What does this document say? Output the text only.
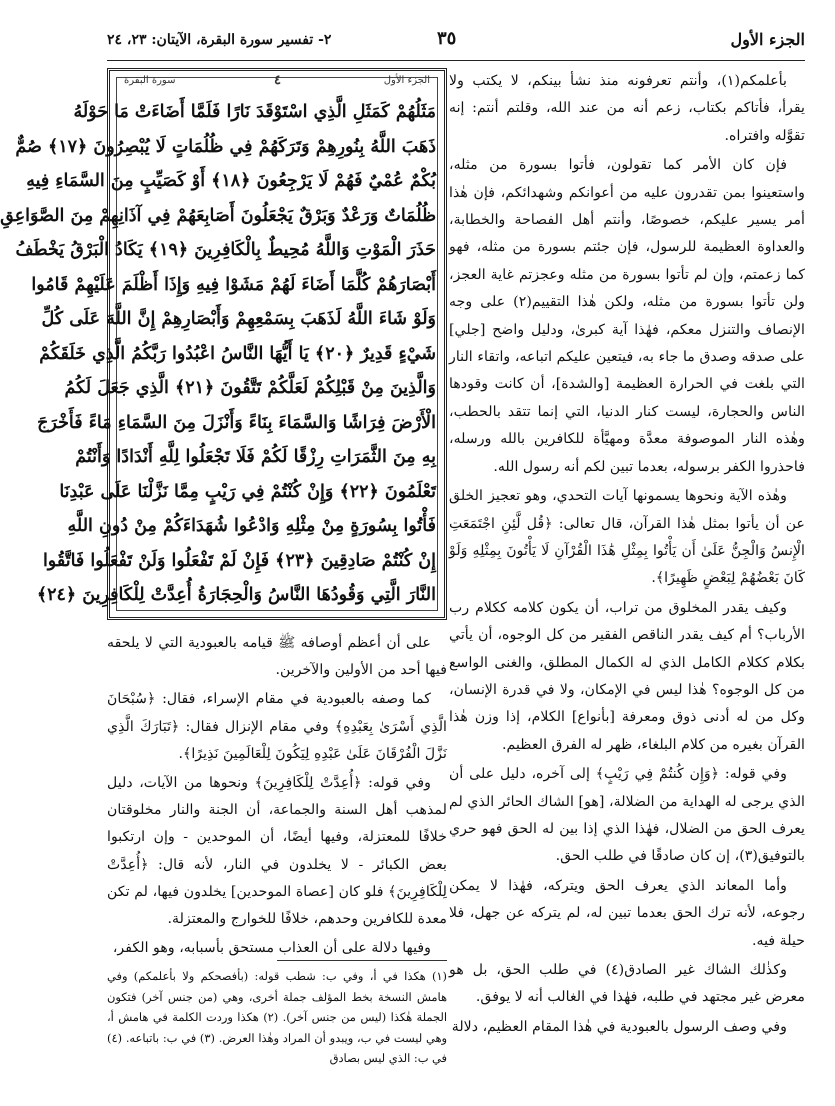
الجزء الأول
٣٥
٢- تفسير سورة البقرة، الآيتان: ٢٣، ٢٤

بأعلمكم(١)، وأنتم تعرفونه منذ نشأ بينكم، لا يكتب ولا يقرأ، فأتاكم بكتاب، زعم أنه من عند الله، وقلتم أنتم: إنه تقوَّله وافتراه.

فإن كان الأمر كما تقولون، فأتوا بسورة من مثله، واستعينوا بمن تقدرون عليه من أعوانكم وشهدائكم، فإن هٰذا أمر يسير عليكم، خصوصًا، وأنتم أهل الفصاحة والخطابة، والعداوة العظيمة للرسول، فإن جئتم بسورة من مثله، فهو كما زعمتم، وإن لم تأتوا بسورة من مثله وعجزتم غاية العجز، ولن تأتوا بسورة من مثله، ولكن هٰذا التقييم(٢) على وجه الإنصاف والتنزل معكم، فهٰذا آية كبرىٰ، ودليل واضح [جلي] على صدقه وصدق ما جاء به، فيتعين عليكم اتباعه، واتقاء النار التي بلغت في الحرارة العظيمة [والشدة]، أن كانت وقودها الناس والحجارة، ليست كنار الدنيا، التي إنما تتقد بالحطب، وهٰذه النار الموصوفة معدَّة ومهيَّأة للكافرين بالله ورسله، فاحذروا الكفر برسوله، بعدما تبين لكم أنه رسول الله.

وهٰذه الآية ونحوها يسمونها آيات التحدي، وهو تعجيز الخلق عن أن يأتوا بمثل هٰذا القرآن، قال تعالى: ﴿قُل لَّئِنِ اجْتَمَعَتِ الْإِنسُ وَالْجِنُّ عَلَىٰ أَن يَأْتُوا بِمِثْلِ هَٰذَا الْقُرْآنِ لَا يَأْتُونَ بِمِثْلِهِ وَلَوْ كَانَ بَعْضُهُمْ لِبَعْضٍ ظَهِيرًا﴾.

وكيف يقدر المخلوق من تراب، أن يكون كلامه ككلام رب الأرباب؟ أم كيف يقدر الناقص الفقير من كل الوجوه، أن يأتي بكلام ككلام الكامل الذي له الكمال المطلق، والغنى الواسع من كل الوجوه؟ هٰذا ليس في الإمكان، ولا في قدرة الإنسان، وكل من له أدنى ذوق ومعرفة [بأنواع] الكلام، إذا وزن هٰذا القرآن بغيره من كلام البلغاء، ظهر له الفرق العظيم.

وفي قوله: ﴿وَإِن كُنتُمْ فِي رَيْبٍ﴾ إلى آخره، دليل على أن الذي يرجى له الهداية من الضلالة، [هو] الشاك الحائر الذي لم يعرف الحق من الضلال، فهٰذا الذي إذا بين له الحق فهو حري بالتوفيق(٣)، إن كان صادقًا في طلب الحق.

وأما المعاند الذي يعرف الحق ويتركه، فهٰذا لا يمكن رجوعه، لأنه ترك الحق بعدما تبين له، لم يتركه عن جهل، فلا حيلة فيه.

وكذٰلك الشاك غير الصادق(٤) في طلب الحق، بل هو معرض غير مجتهد في طلبه، فهٰذا في الغالب أنه لا يوفق.

وفي وصف الرسول بالعبودية في هٰذا المقام العظيم، دلالة

الجزء الأول
٤
سورة البقرة
مَثَلُهُمْ كَمَثَلِ الَّذِي اسْتَوْقَدَ نَارًا فَلَمَّا أَضَاءَتْ مَا حَوْلَهُ
ذَهَبَ اللَّهُ بِنُورِهِمْ وَتَرَكَهُمْ فِي ظُلُمَاتٍ لَا يُبْصِرُونَ ﴿١٧﴾ صُمٌّ
بُكْمٌ عُمْيٌ فَهُمْ لَا يَرْجِعُونَ ﴿١٨﴾ أَوْ كَصَيِّبٍ مِنَ السَّمَاءِ فِيهِ
ظُلُمَاتٌ وَرَعْدٌ وَبَرْقٌ يَجْعَلُونَ أَصَابِعَهُمْ فِي آذَانِهِمْ مِنَ الصَّوَاعِقِ
حَذَرَ الْمَوْتِ وَاللَّهُ مُحِيطٌ بِالْكَافِرِينَ ﴿١٩﴾ يَكَادُ الْبَرْقُ يَخْطَفُ
أَبْصَارَهُمْ كُلَّمَا أَضَاءَ لَهُمْ مَشَوْا فِيهِ وَإِذَا أَظْلَمَ عَلَيْهِمْ قَامُوا
وَلَوْ شَاءَ اللَّهُ لَذَهَبَ بِسَمْعِهِمْ وَأَبْصَارِهِمْ إِنَّ اللَّهَ عَلَى كُلِّ
شَيْءٍ قَدِيرٌ ﴿٢٠﴾ يَا أَيُّهَا النَّاسُ اعْبُدُوا رَبَّكُمُ الَّذِي خَلَقَكُمْ
وَالَّذِينَ مِنْ قَبْلِكُمْ لَعَلَّكُمْ تَتَّقُونَ ﴿٢١﴾ الَّذِي جَعَلَ لَكُمُ
الْأَرْضَ فِرَاشًا وَالسَّمَاءَ بِنَاءً وَأَنْزَلَ مِنَ السَّمَاءِ مَاءً فَأَخْرَجَ
بِهِ مِنَ الثَّمَرَاتِ رِزْقًا لَكُمْ فَلَا تَجْعَلُوا لِلَّهِ أَنْدَادًا وَأَنْتُمْ
تَعْلَمُونَ ﴿٢٢﴾ وَإِنْ كُنْتُمْ فِي رَيْبٍ مِمَّا نَزَّلْنَا عَلَى عَبْدِنَا
فَأْتُوا بِسُورَةٍ مِنْ مِثْلِهِ وَادْعُوا شُهَدَاءَكُمْ مِنْ دُونِ اللَّهِ
إِنْ كُنْتُمْ صَادِقِينَ ﴿٢٣﴾ فَإِنْ لَمْ تَفْعَلُوا وَلَنْ تَفْعَلُوا فَاتَّقُوا
النَّارَ الَّتِي وَقُودُهَا النَّاسُ وَالْحِجَارَةُ أُعِدَّتْ لِلْكَافِرِينَ ﴿٢٤﴾

على أن أعظم أوصافه ﷺ قيامه بالعبودية التي لا يلحقه فيها أحد من الأولين والآخرين.

كما وصفه بالعبودية في مقام الإسراء، فقال: ﴿سُبْحَانَ الَّذِي أَسْرَىٰ بِعَبْدِهِ﴾ وفي مقام الإنزال فقال: ﴿تَبَارَكَ الَّذِي نَزَّلَ الْفُرْقَانَ عَلَىٰ عَبْدِهِ لِيَكُونَ لِلْعَالَمِينَ نَذِيرًا﴾.

وفي قوله: ﴿أُعِدَّتْ لِلْكَافِرِينَ﴾ ونحوها من الآيات، دليل لمذهب أهل السنة والجماعة، أن الجنة والنار مخلوقتان خلافًا للمعتزلة، وفيها أيضًا، أن الموحدين - وإن ارتكبوا بعض الكبائر - لا يخلدون في النار، لأنه قال: ﴿أُعِدَّتْ لِلْكَافِرِينَ﴾ فلو كان [عصاة الموحدين] يخلدون فيها، لم تكن معدة للكافرين وحدهم، خلافًا للخوارج والمعتزلة.

وفيها دلالة على أن العذاب مستحق بأسبابه، وهو الكفر،

(١) هكذا في أ، وفي ب: شطب قوله: (بأفصحكم ولا بأعلمكم) وفي هامش النسخة بخط المؤلف جملة أخرى، وهي (من جنس آخر) فتكون الجملة هٰكذا (ليس من جنس آخر). (٢) هكذا وردت الكلمة في هامش أ، وهي ليست في ب، ويبدو أن المراد وهٰذا العرض. (٣) في ب: باتباعه. (٤) في ب: الذي ليس بصادق
